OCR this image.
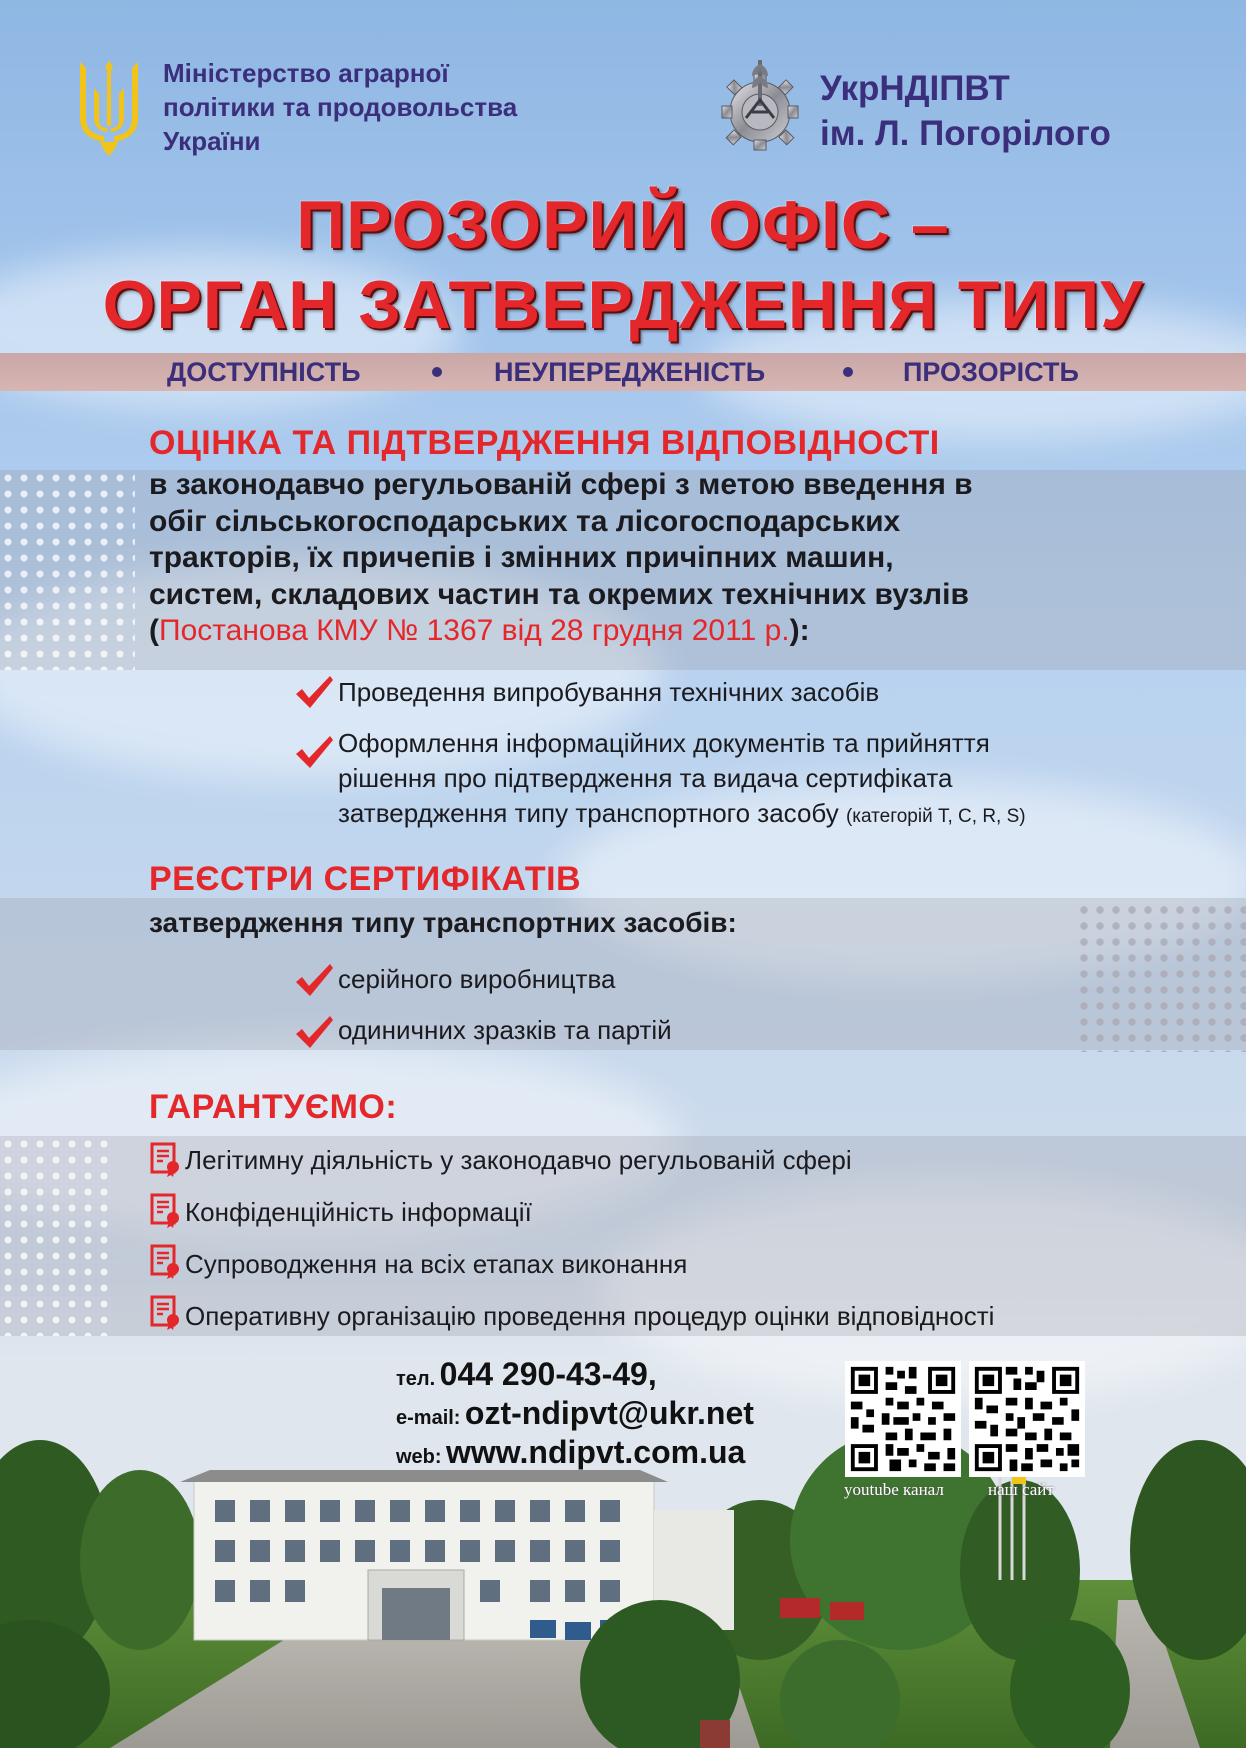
Міністерство аграрної
політики та продовольства
України
УкрНДІПВТ
ім. Л. Погорілого
ПРОЗОРИЙ ОФІС –
ОРГАН ЗАТВЕРДЖЕННЯ ТИПУ
ДОСТУПНІСТЬ	НЕУПЕРЕДЖЕНІСТЬ	ПРОЗОРІСТЬ
ОЦІНКА ТА ПІДТВЕРДЖЕННЯ ВІДПОВІДНОСТІ
в законодавчо регульованій сфері з метою введення в
обіг сільськогосподарських та лісогосподарських
тракторів, їх причепів і змінних причіпних машин,
систем, складових частин та окремих технічних вузлів
(Постанова КМУ № 1367 від 28 грудня 2011 р.):
Проведення випробування технічних засобів
Оформлення інформаційних документів та прийняття
рішення про підтвердження та видача сертифіката
затвердження типу транспортного засобу (категорій T, C, R, S)
РЕЄСТРИ СЕРТИФІКАТІВ
затвердження типу транспортних засобів:
серійного виробництва
одиничних зразків та партій
ГАРАНТУЄМО:
Легітимну діяльність у законодавчо регульованій сфері
Конфіденційність інформації
Супроводження на всіх етапах виконання
Оперативну організацію проведення процедур оцінки відповідності
тел. 044 290-43-49,
e-mail: ozt-ndipvt@ukr.net
web: www.ndipvt.com.ua
youtube канал	наш сайт
